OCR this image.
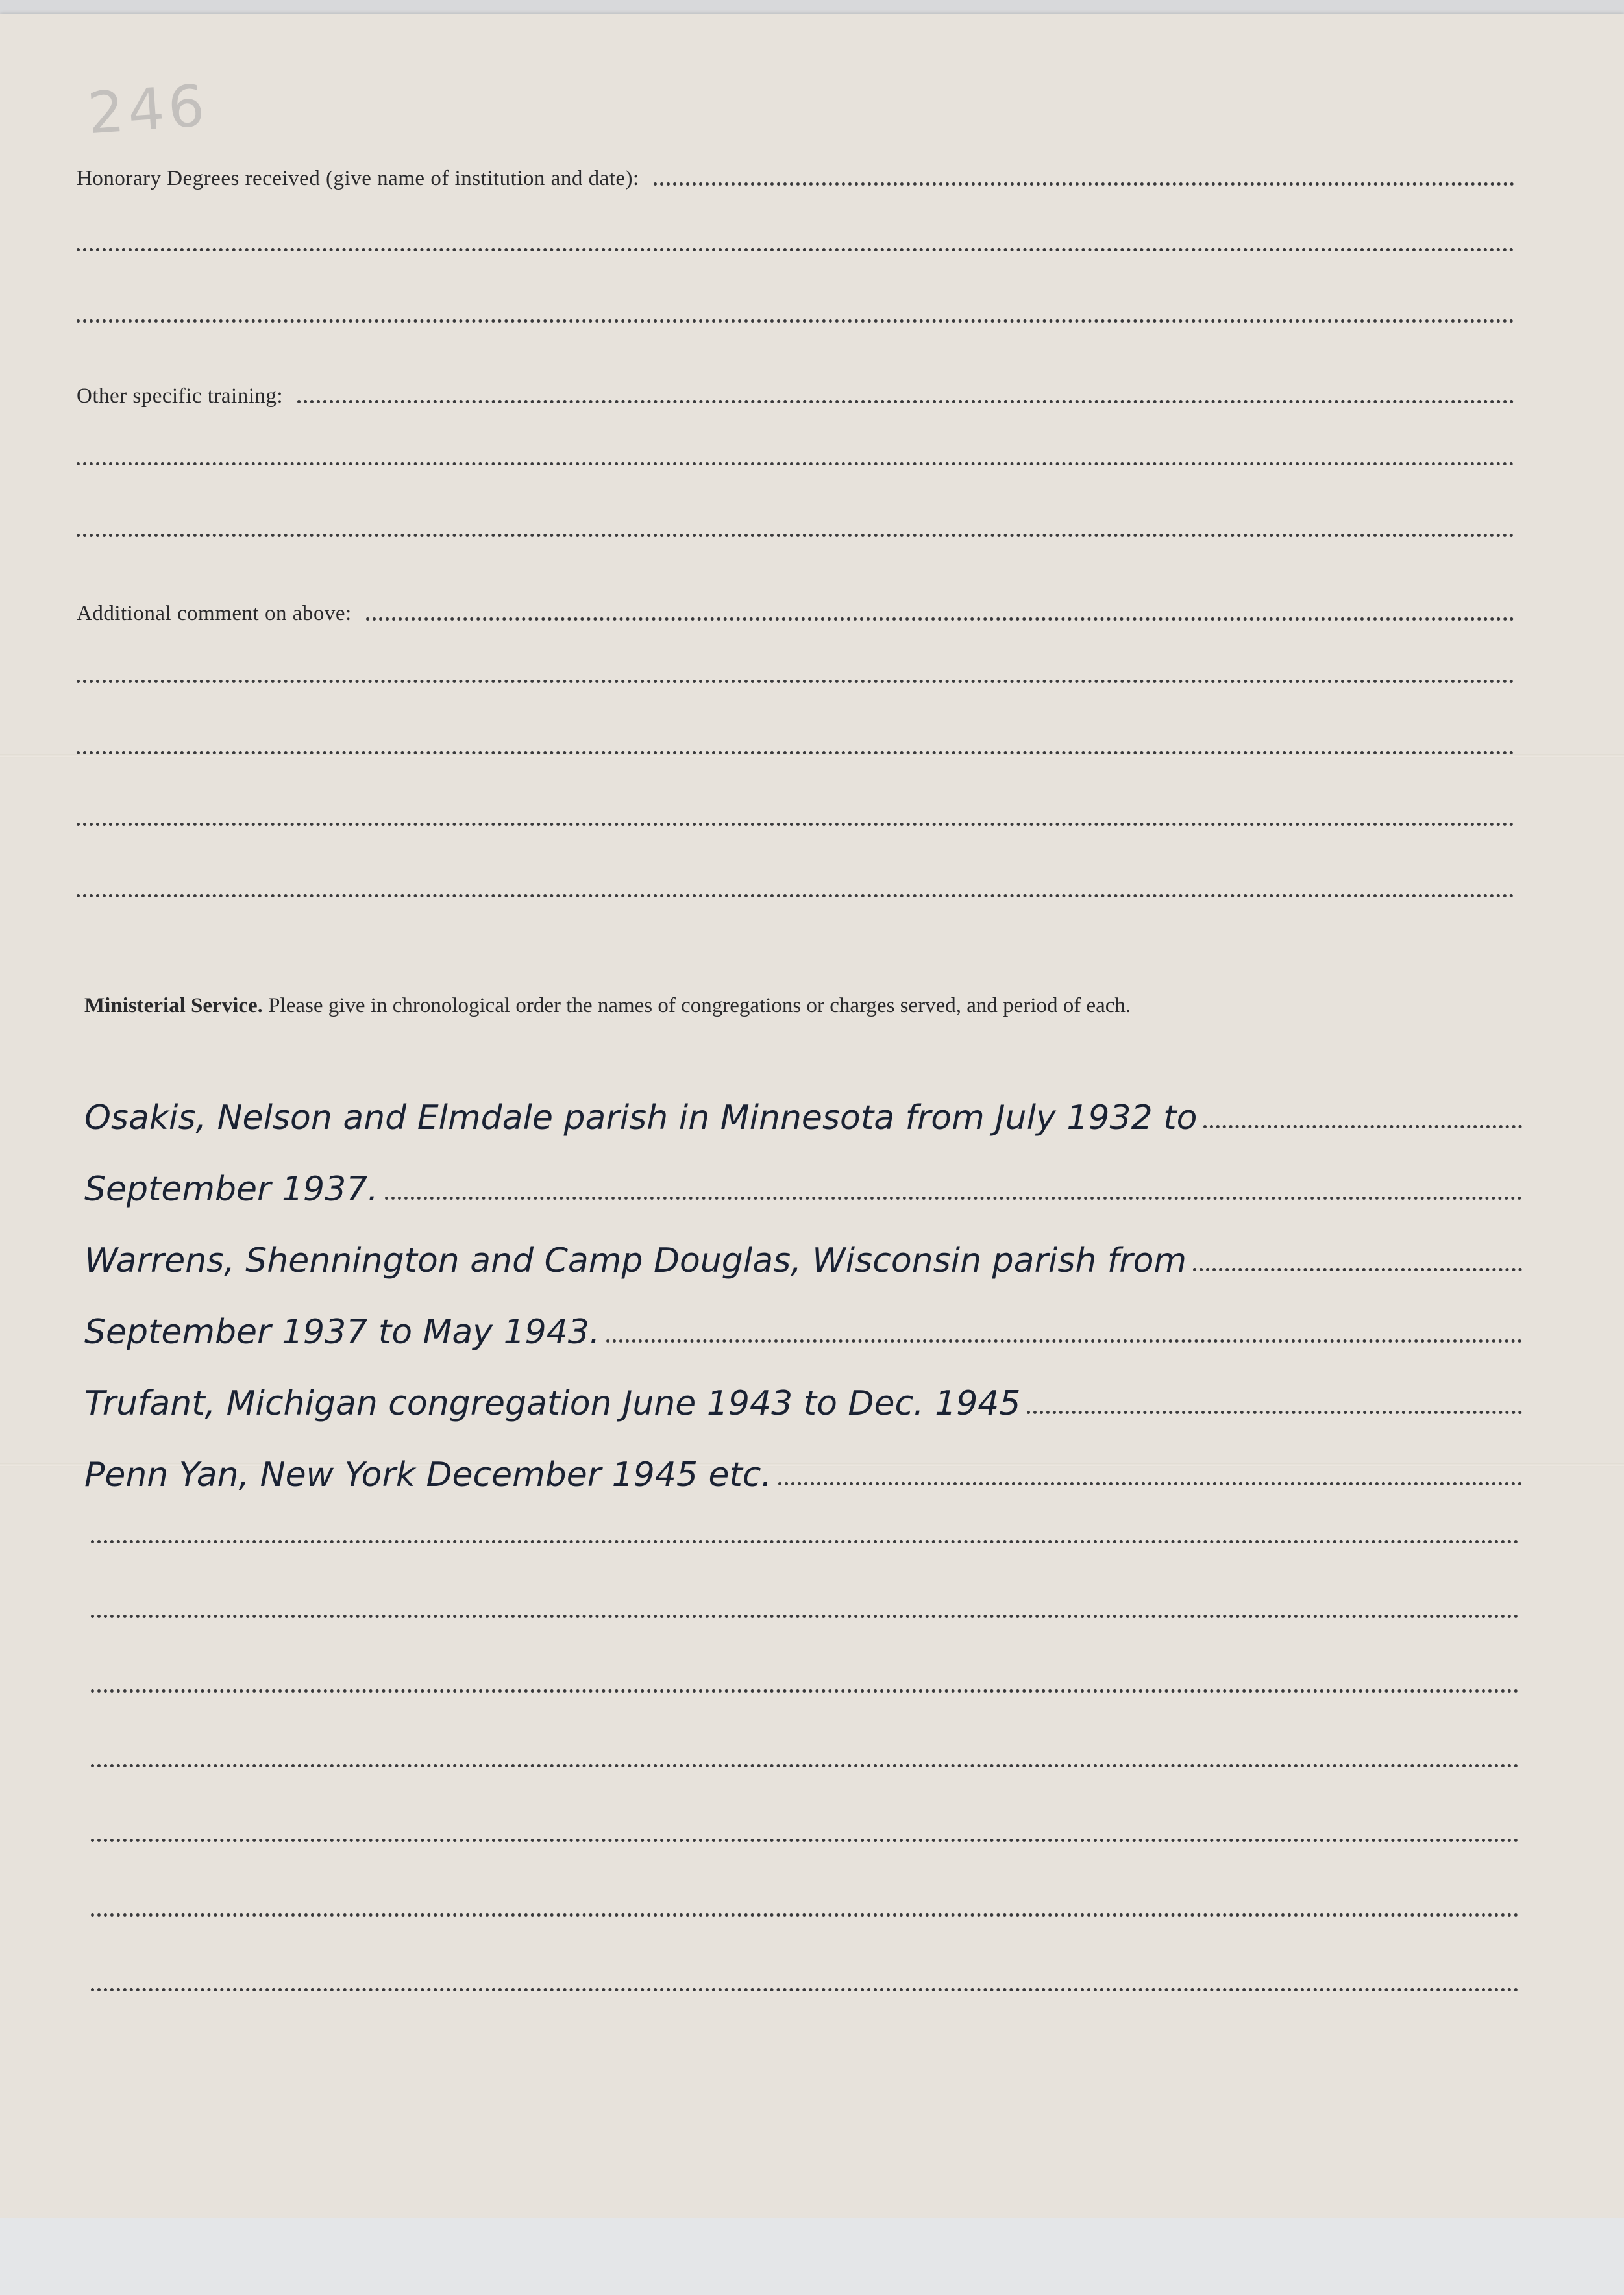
246
Honorary Degrees received (give name of institution and date):
Other specific training:
Additional comment on above:
Ministerial Service. Please give in chronological order the names of congregations or charges served, and period of each.
Osakis, Nelson and Elmdale parish in Minnesota from July 1932 to
September 1937.
Warrens, Shennington and Camp Douglas, Wisconsin parish from
September 1937 to May 1943.
Trufant, Michigan congregation June 1943 to Dec. 1945
Penn Yan, New York December 1945 etc.
